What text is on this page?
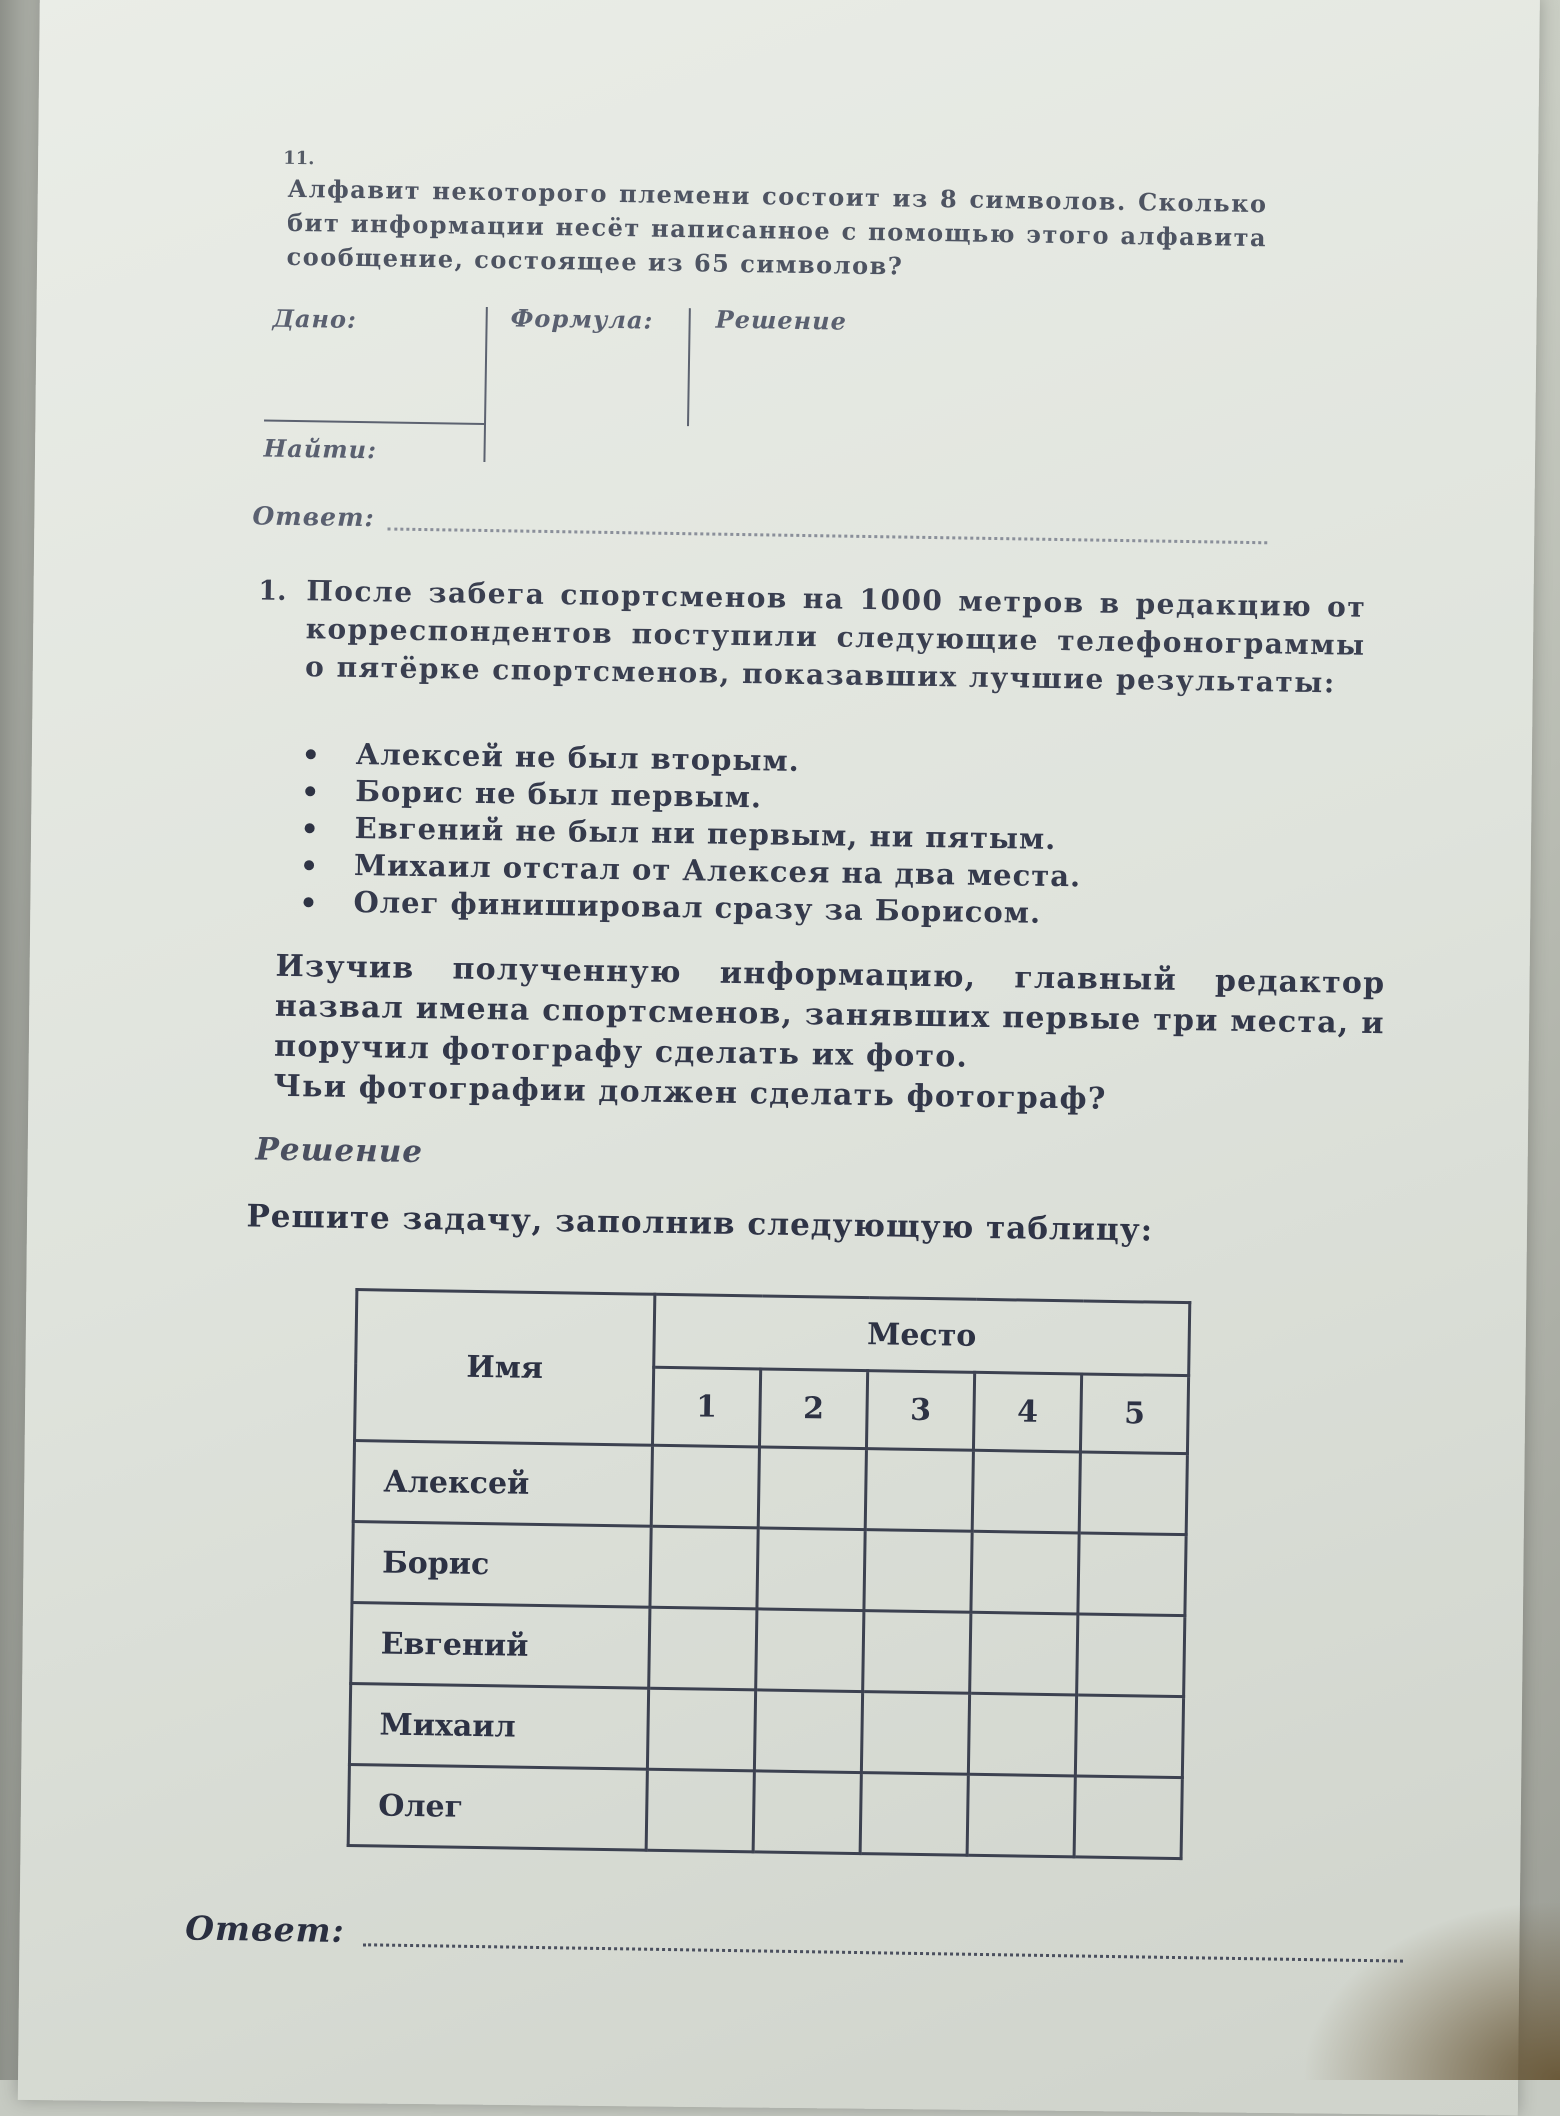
11.
Алфавит некоторого племени состоит из 8 символов. Сколько бит информации несёт написанное с помощью этого алфавита сообщение, состоящее из 65 символов?
Дано:	Формула:	Решение
Найти:
Ответ:
1. После забега спортсменов на 1000 метров в редакцию от корреспондентов поступили следующие телефонограммы о пятёрке спортсменов, показавших лучшие результаты:
Алексей не был вторым.
Борис не был первым.
Евгений не был ни первым, ни пятым.
Михаил отстал от Алексея на два места.
Олег финишировал сразу за Борисом.
Изучив полученную информацию, главный редактор назвал имена спортсменов, занявших первые три места, и поручил фотографу сделать их фото.
Чьи фотографии должен сделать фотограф?
Решение
Решите задачу, заполнив следующую таблицу:
Имя	Место				
	1	2	3	4	5
Алексей					
Борис					
Евгений					
Михаил					
Олег					
Ответ:
